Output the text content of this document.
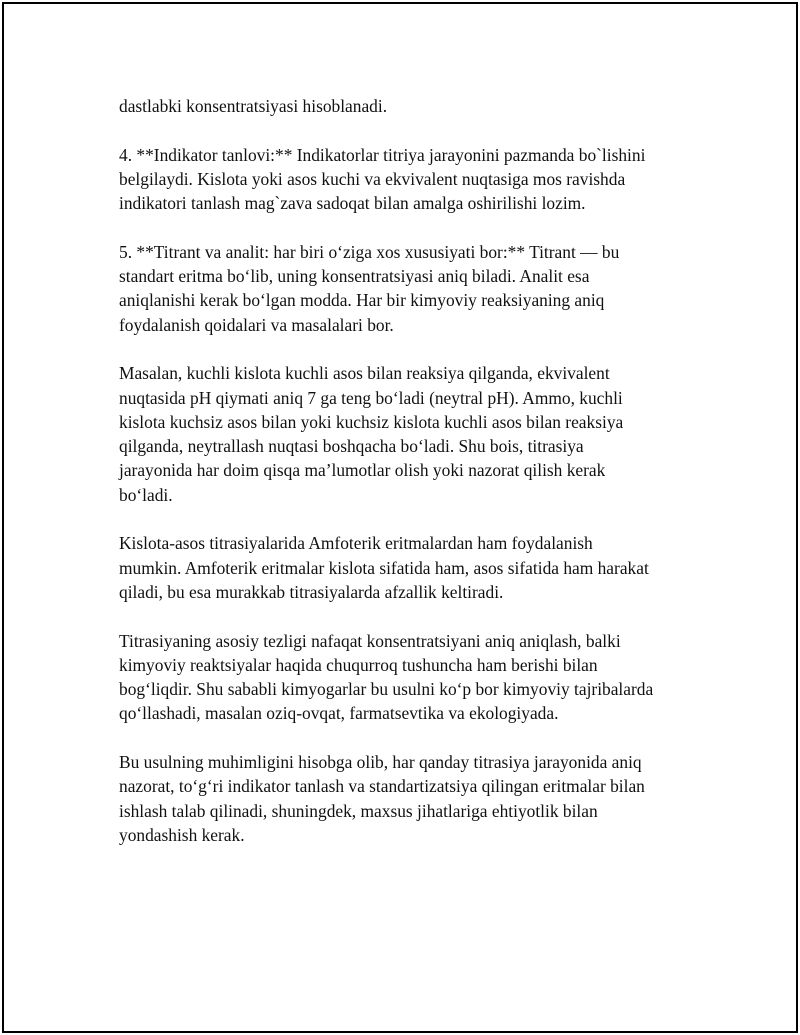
dastlabki konsentratsiyasi hisoblanadi.

4. **Indikator tanlovi:** Indikatorlar titriya jarayonini pazmanda bo`lishini
belgilaydi. Kislota yoki asos kuchi va ekvivalent nuqtasiga mos ravishda
indikatori tanlash mag`zava sadoqat bilan amalga oshirilishi lozim.

5. **Titrant va analit: har biri o‘ziga xos xususiyati bor:** Titrant — bu
standart eritma bo‘lib, uning konsentratsiyasi aniq biladi. Analit esa
aniqlanishi kerak bo‘lgan modda. Har bir kimyoviy reaksiyaning aniq
foydalanish qoidalari va masalalari bor.

Masalan, kuchli kislota kuchli asos bilan reaksiya qilganda, ekvivalent
nuqtasida pH qiymati aniq 7 ga teng bo‘ladi (neytral pH). Ammo, kuchli
kislota kuchsiz asos bilan yoki kuchsiz kislota kuchli asos bilan reaksiya
qilganda, neytrallash nuqtasi boshqacha bo‘ladi. Shu bois, titrasiya
jarayonida har doim qisqa ma’lumotlar olish yoki nazorat qilish kerak
bo‘ladi.

Kislota-asos titrasiyalarida Amfoterik eritmalardan ham foydalanish
mumkin. Amfoterik eritmalar kislota sifatida ham, asos sifatida ham harakat
qiladi, bu esa murakkab titrasiyalarda afzallik keltiradi.

Titrasiyaning asosiy tezligi nafaqat konsentratsiyani aniq aniqlash, balki
kimyoviy reaktsiyalar haqida chuqurroq tushuncha ham berishi bilan
bog‘liqdir. Shu sababli kimyogarlar bu usulni ko‘p bor kimyoviy tajribalarda
qo‘llashadi, masalan oziq-ovqat, farmatsevtika va ekologiyada.

Bu usulning muhimligini hisobga olib, har qanday titrasiya jarayonida aniq
nazorat, to‘g‘ri indikator tanlash va standartizatsiya qilingan eritmalar bilan
ishlash talab qilinadi, shuningdek, maxsus jihatlariga ehtiyotlik bilan
yondashish kerak.
